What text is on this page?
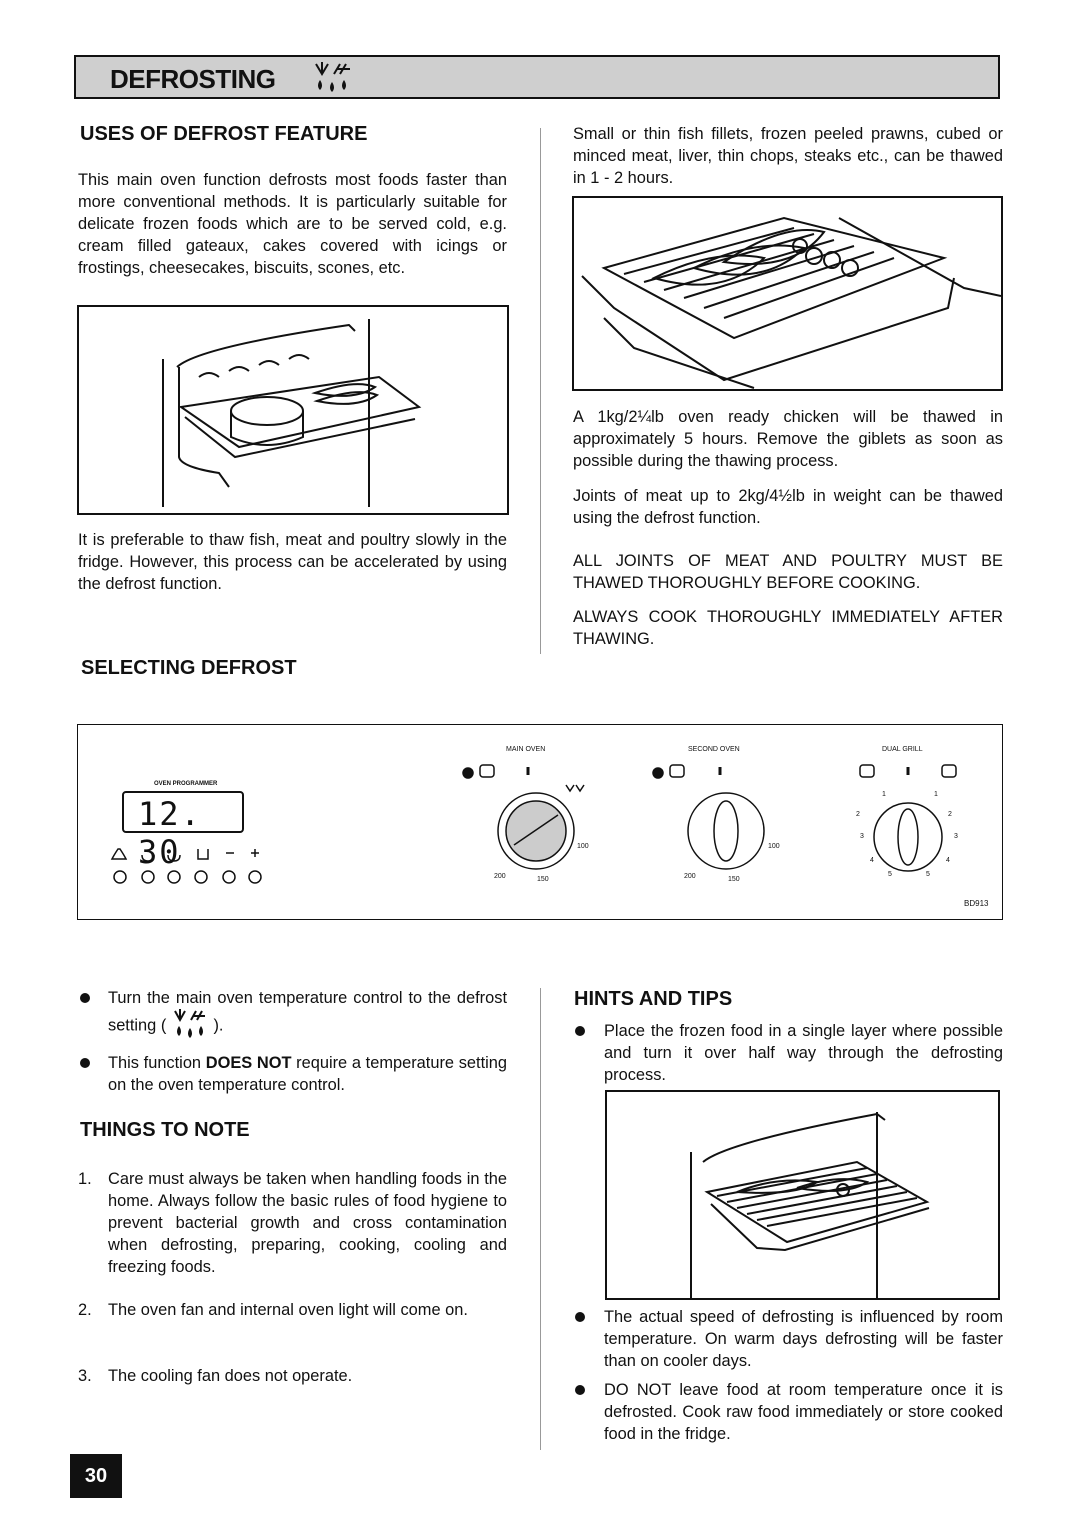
DEFROSTING
USES OF DEFROST FEATURE

This main oven function defrosts most foods faster than more conventional methods. It is particularly suitable for delicate frozen foods which are to be served cold, e.g. cream filled gateaux, cakes covered with icings or frostings, cheesecakes, biscuits, scones, etc.

It is preferable to thaw fish, meat and poultry slowly in the fridge. However, this process can be accelerated by using the defrost function.

Small or thin fish fillets, frozen peeled prawns, cubed or minced meat, liver, thin chops, steaks etc., can be thawed in 1 - 2 hours.

A 1kg/2¼lb oven ready chicken will be thawed in approximately 5 hours. Remove the giblets as soon as possible during the thawing process.

Joints of meat up to 2kg/4½lb in weight can be thawed using the defrost function.

ALL JOINTS OF MEAT AND POULTRY MUST BE THAWED THOROUGHLY BEFORE COOKING.

ALWAYS COOK THOROUGHLY IMMEDIATELY AFTER THAWING.

SELECTING DEFROST
OVEN PROGRAMMER
12. 30
MAIN OVEN	SECOND OVEN	DUAL GRILL
100
200	150
100
200	150
1
2
3
4
5
1
2
3
4
5
BD913
Turn the main oven temperature control to the defrost setting (	).
This function DOES NOT require a temperature setting on the oven temperature control.
THINGS TO NOTE
1. Care must always be taken when handling foods in the home. Always follow the basic rules of food hygiene to prevent bacterial growth and cross contamination when defrosting, preparing, cooking, cooling and freezing foods.
2. The oven fan and internal oven light will come on.
3. The cooling fan does not operate.
HINTS AND TIPS
Place the frozen food in a single layer where possible and turn it over half way through the defrosting process.
The actual speed of defrosting is influenced by room temperature. On warm days defrosting will be faster than on cooler days.
DO NOT leave food at room temperature once it is defrosted. Cook raw food immediately or store cooked food in the fridge.
30
